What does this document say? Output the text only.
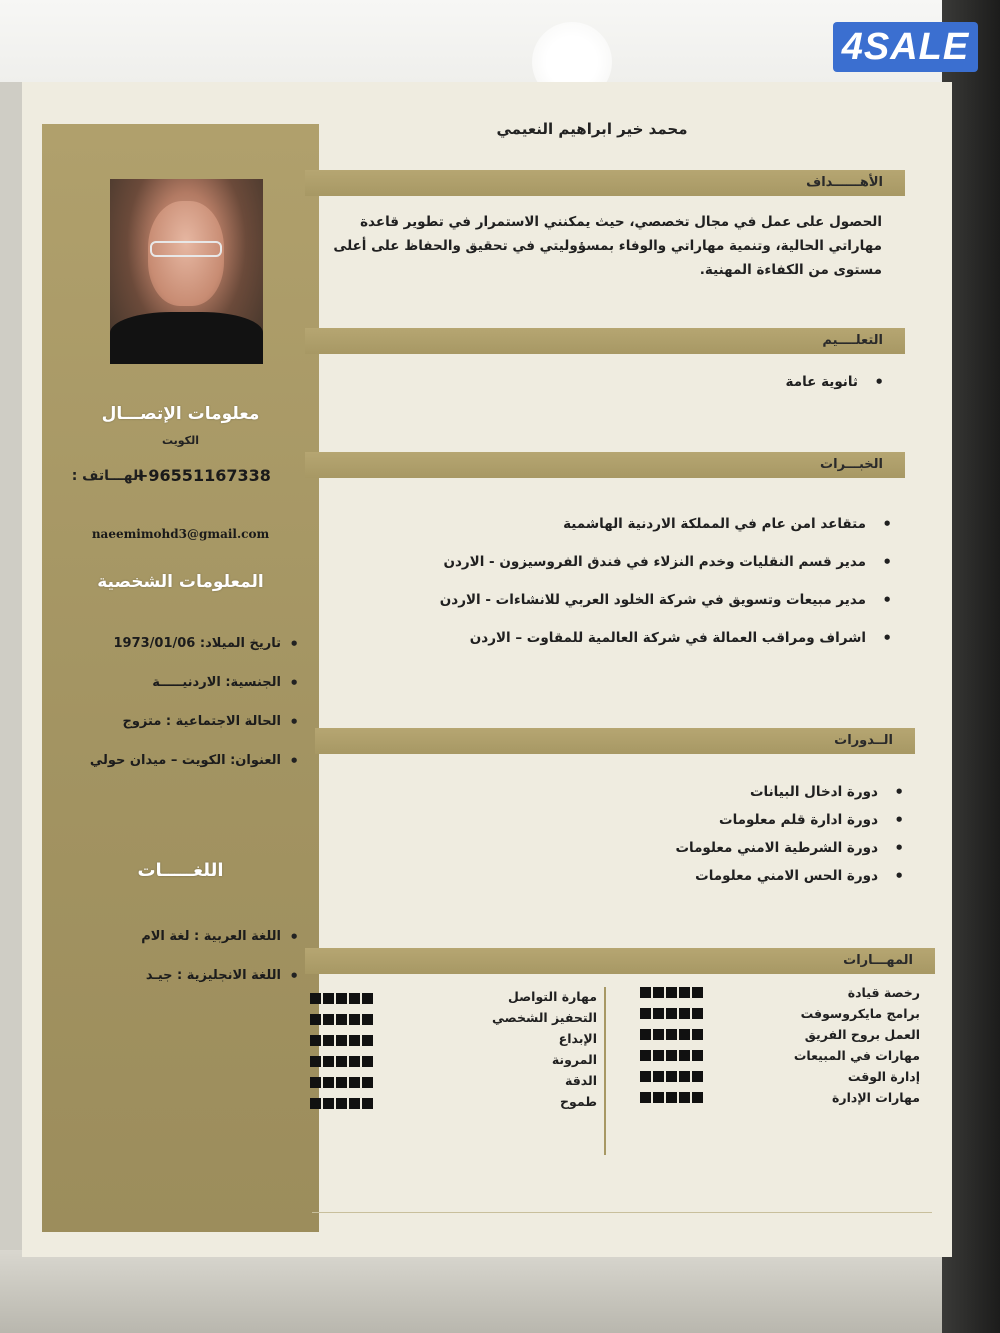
معلومات الإتصـــال
الكويت
الهـــاتف :
+96551167338
naeemimohd3@gmail.com
المعلومات الشخصية
• تاريخ الميلاد: 1973/01/06
• الجنسية: الاردنيـــــة
• الحالة الاجتماعية : متزوج
• العنوان: الكويت – ميدان حولي
اللغـــــات
• اللغة العربية : لغة الام
• اللغة الانجليزية : جيـد
محمد خير ابراهيم النعيمي
الأهــــــداف
الحصول على عمل في مجال تخصصي، حيث يمكنني الاستمرار في تطوير قاعدة مهاراتي الحالية، وتنمية مهاراتي والوفاء بمسؤوليتي في تحقيق والحفاظ على أعلى مستوى من الكفاءة المهنية.
التعلــــيم
• ثانوية عامة
الخبـــرات
• متقاعد امن عام في المملكة الاردنية الهاشمية
• مدير قسم النقليات وخدم النزلاء في فندق الفروسيزون - الاردن
• مدير مبيعات وتسويق في شركة الخلود العربي للانشاءات - الاردن
• اشراف ومراقب العمالة في شركة العالمية للمقاوت – الاردن
الــدورات
• دورة ادخال البيانات
• دورة ادارة قلم معلومات
• دورة الشرطية الامني معلومات
• دورة الحس الامني معلومات
المهـــارات
رخصة قيادة
برامج مايكروسوفت
العمل بروح الفريق
مهارات في المبيعات
إدارة الوقت
مهارات الإدارة
مهارة التواصل
التحفيز الشخصي
الإبداع
المرونة
الدقة
طموح
4SALE
